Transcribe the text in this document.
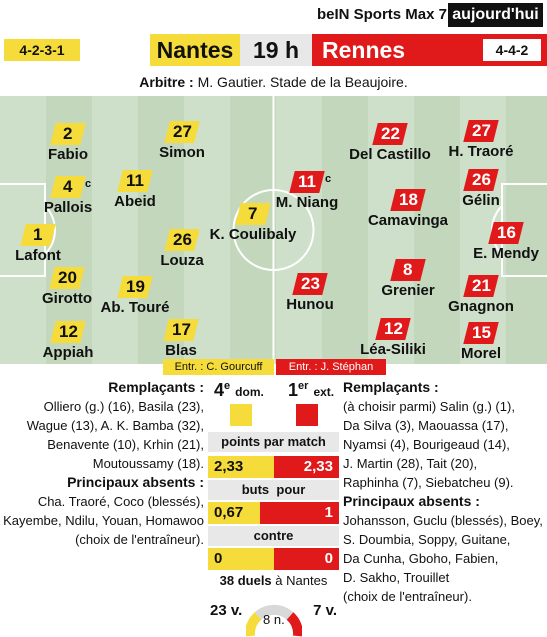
beIN Sports Max 7 aujourd'hui
4-2-3-1	Nantes 19 h Rennes	4-4-2
Arbitre : M. Gautier. Stade de la Beaujoire.
2
Fabio
27
Simon
4 c
Pallois
11
Abeid
7
K. Coulibaly
1
Lafont
26
Louza
20
Girotto
19
Ab. Touré
12
Appiah
17
Blas
22
Del Castillo
27
H. Traoré
11 c
M. Niang	18
Camavinga
26
Gélin
16
E. Mendy
23
Hunou
8
Grenier	21
Gnagnon
12
Léa-Siliki
15
Morel
Entr. : C. Gourcuff	Entr. : J. Stéphan

Remplaçants :

Olliero (g.) (16), Basila (23),

Wague (13), A. K. Bamba (32),

Benavente (10), Krhin (21),

Moutoussamy (18).

Principaux absents :

Cha. Traoré, Coco (blessés),

Kayembe, Ndilu, Youan, Homawoo

(choix de l'entraîneur).

Remplaçants :

(à choisir parmi) Salin (g.) (1),

Da Silva (3), Maouassa (17),

Nyamsi (4), Bourigeaud (14),

J. Martin (28), Tait (20),

Raphinha (7), Siebatcheu (9).

Principaux absents :

Johansson, Guclu (blessés), Boey,

S. Doumbia, Soppy, Guitane,

Da Cunha, Gboho, Fabien,

D. Sakho, Trouillet

(choix de l'entraîneur).

4e dom. 1er ext.
points par match
2,33	2,33
buts pour
0,67	1
contre
0	0
38 duels à Nantes
23 v.	7 v.
8 n.
